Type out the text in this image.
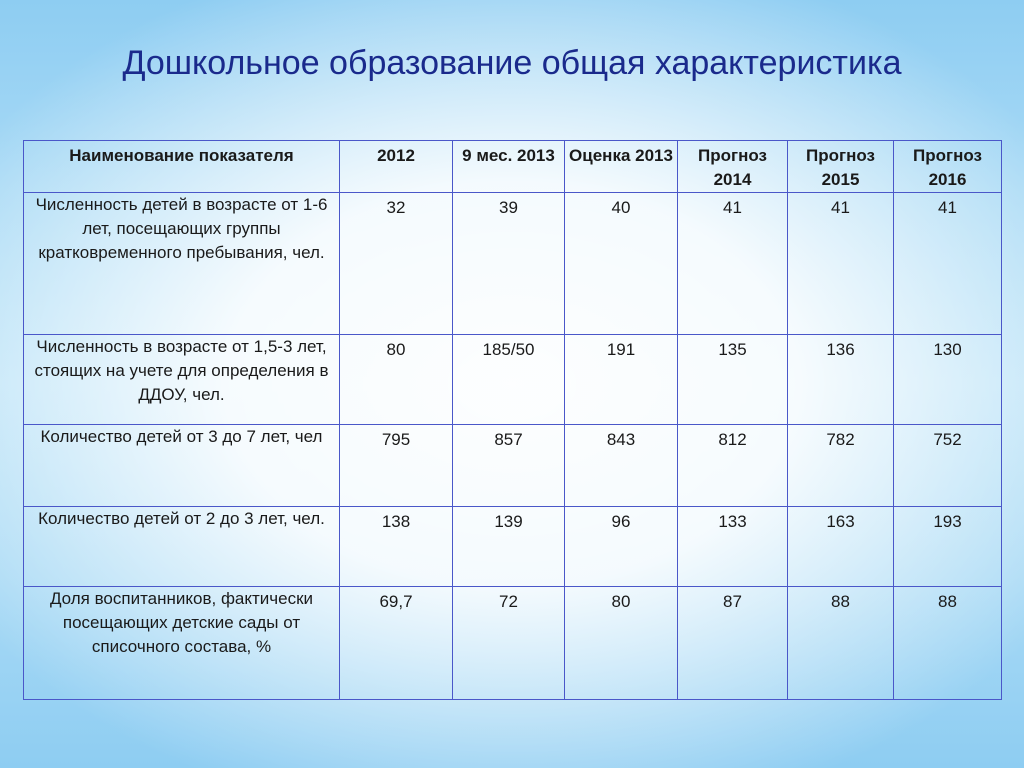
Дошкольное образование общая характеристика
Наименование показателя	2012	9 мес. 2013	Оценка 2013	Прогноз 2014	Прогноз 2015	Прогноз 2016
Численность детей в возрасте от 1-6 лет, посещающих группы кратковременного пребывания, чел.	32	39	40	41	41	41
Численность в возрасте от 1,5-3 лет, стоящих на учете для определения в ДДОУ, чел.	80	185/50	191	135	136	130
Количество детей от 3 до 7 лет, чел	795	857	843	812	782	752
Количество детей от 2 до 3 лет, чел.	138	139	96	133	163	193
Доля воспитанников, фактически посещающих детские сады от списочного состава, %	69,7	72	80	87	88	88
